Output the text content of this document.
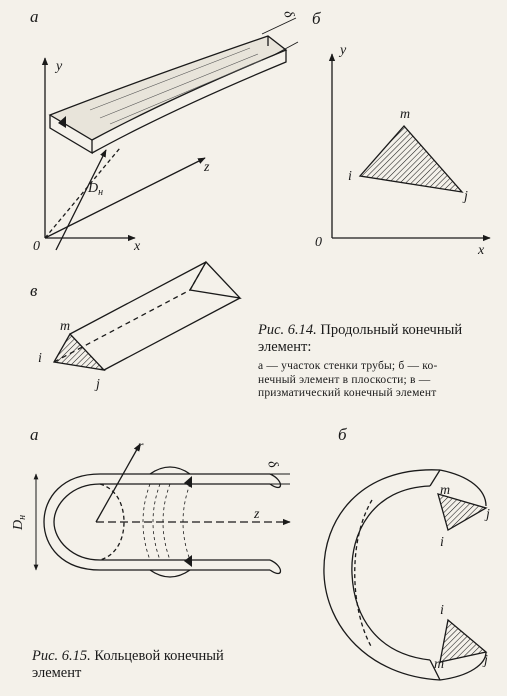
а
y
z
x
0
$D_н$
δ б
y
x
0
m
i
j
в
m
i
j
а
r
z
δ
$D_н$
б
m
j
i
i
m	j
Рис. 6.14. Продольный конечный элемент:
а — участок стенки трубы; б — ко-
нечный элемент в плоскости; в —
призматический конечный элемент
Рис. 6.15. Кольцевой конечный
элемент
